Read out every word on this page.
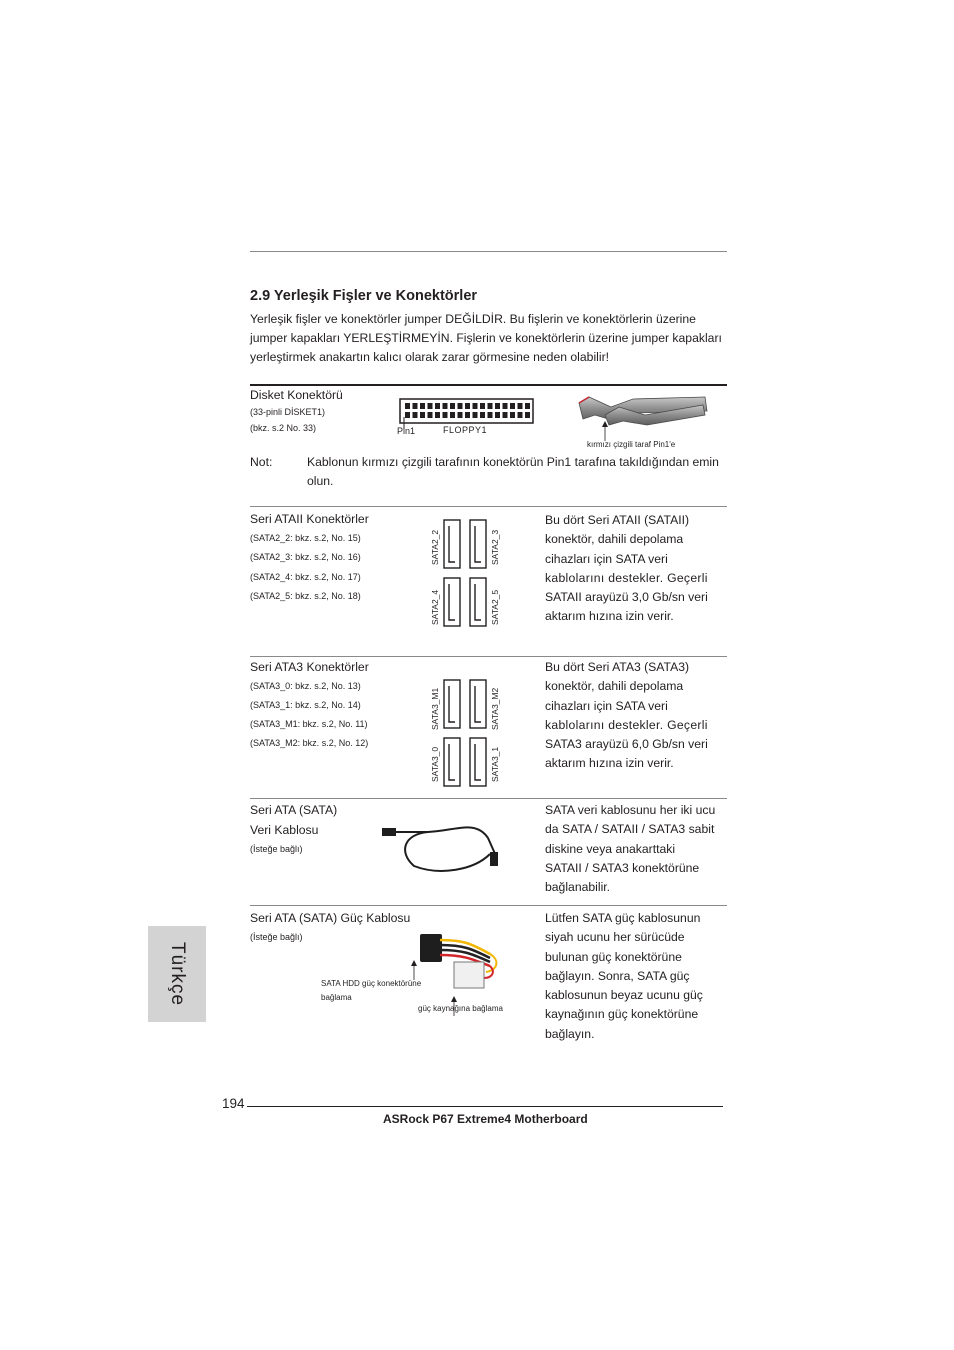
2.9 Yerleşik Fişler ve Konektörler
Yerleşik fişler ve konektörler jumper DEĞİLDİR. Bu fişlerin ve konektörlerin üzerine jumper kapakları YERLEŞTİRMEYİN. Fişlerin ve konektörlerin üzerine jumper kapakları yerleştirmek anakartın kalıcı olarak zarar görmesine neden olabilir!
Disket Konektörü
(33-pinli DİSKET1)
(bkz. s.2 No. 33)	Pin1	FLOPPY1
kırmızı çizgili taraf Pin1'e
Not:	Kablonun kırmızı çizgili tarafının konektörün Pin1 tarafına takıldığından emin olun.
Seri ATAII Konektörler
(SATA2_2: bkz. s.2, No. 15)
(SATA2_3: bkz. s.2, No. 16)
(SATA2_4: bkz. s.2, No. 17)
(SATA2_5: bkz. s.2, No. 18)
SATA2_2	SATA2_3
SATA2_4	SATA2_5
Bu dört Seri ATAII (SATAII)
konektör, dahili depolama
cihazları için SATA veri
kablolarını destekler. Geçerli
SATAII arayüzü 3,0 Gb/sn veri
aktarım hızına izin verir.
Seri ATA3 Konektörler
(SATA3_0: bkz. s.2, No. 13)
(SATA3_1: bkz. s.2, No. 14)
(SATA3_M1: bkz. s.2, No. 11)
(SATA3_M2: bkz. s.2, No. 12)
SATA3_M1	SATA3_M2
SATA3_0	SATA3_1
Bu dört Seri ATA3 (SATA3)
konektör, dahili depolama
cihazları için SATA veri
kablolarını destekler. Geçerli
SATA3 arayüzü 6,0 Gb/sn veri
aktarım hızına izin verir.
Seri ATA (SATA)
Veri Kablosu
(İsteğe bağlı)
SATA veri kablosunu her iki ucu
da SATA / SATAII / SATA3 sabit
diskine veya anakarttaki
SATAII / SATA3 konektörüne
bağlanabilir.
Seri ATA (SATA) Güç Kablosu
(İsteğe bağlı)
SATA HDD güç konektörüne
bağlama
güç kaynağına bağlama
Lütfen SATA güç kablosunun
siyah ucunu her sürücüde
bulunan güç konektörüne
bağlayın. Sonra, SATA güç
kablosunun beyaz ucunu güç
kaynağının güç konektörüne
bağlayın.
Türkçe
194
ASRock P67 Extreme4 Motherboard
